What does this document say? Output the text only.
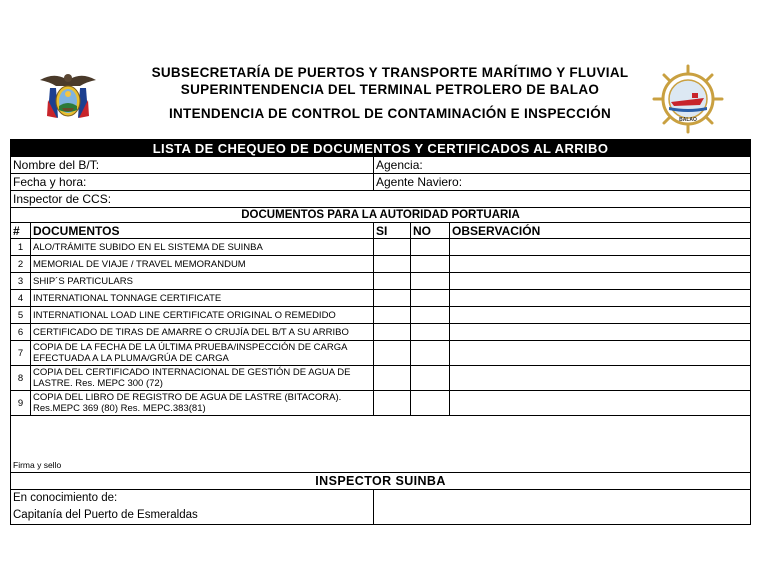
SUBSECRETARÍA DE PUERTOS Y TRANSPORTE MARÍTIMO Y FLUVIAL
SUPERINTENDENCIA DEL TERMINAL PETROLERO DE BALAO
INTENDENCIA DE CONTROL DE CONTAMINACIÓN E INSPECCIÓN	BALAO
LISTA DE CHEQUEO DE DOCUMENTOS Y CERTIFICADOS AL ARRIBO				
Nombre del B/T:		Agencia:		
Fecha y hora:		Agente Naviero:		
Inspector de CCS:				
DOCUMENTOS PARA LA AUTORIDAD PORTUARIA				
#	DOCUMENTOS	SI	NO	OBSERVACIÓN
1	ALO/TRÁMITE SUBIDO EN EL SISTEMA DE SUINBA			
2	MEMORIAL DE VIAJE / TRAVEL MEMORANDUM			
3	SHIP´S PARTICULARS			
4	INTERNATIONAL TONNAGE CERTIFICATE			
5	INTERNATIONAL LOAD LINE CERTIFICATE ORIGINAL O REMEDIDO			
6	CERTIFICADO DE TIRAS DE AMARRE O CRUJÍA DEL B/T A SU ARRIBO			
7	COPIA DE LA FECHA DE LA ÚLTIMA PRUEBA/INSPECCIÓN DE CARGA EFECTUADA A LA PLUMA/GRÚA DE CARGA			
8	COPIA DEL CERTIFICADO INTERNACIONAL DE GESTIÓN DE AGUA DE LASTRE. Res. MEPC 300 (72)			
9	COPIA DEL LIBRO DE REGISTRO DE AGUA DE LASTRE (BITACORA). Res.MEPC 369 (80) Res. MEPC.383(81)			
Firma y sello				
INSPECTOR SUINBA				

En conocimiento de:
Capitanía del Puerto de Esmeraldas				
